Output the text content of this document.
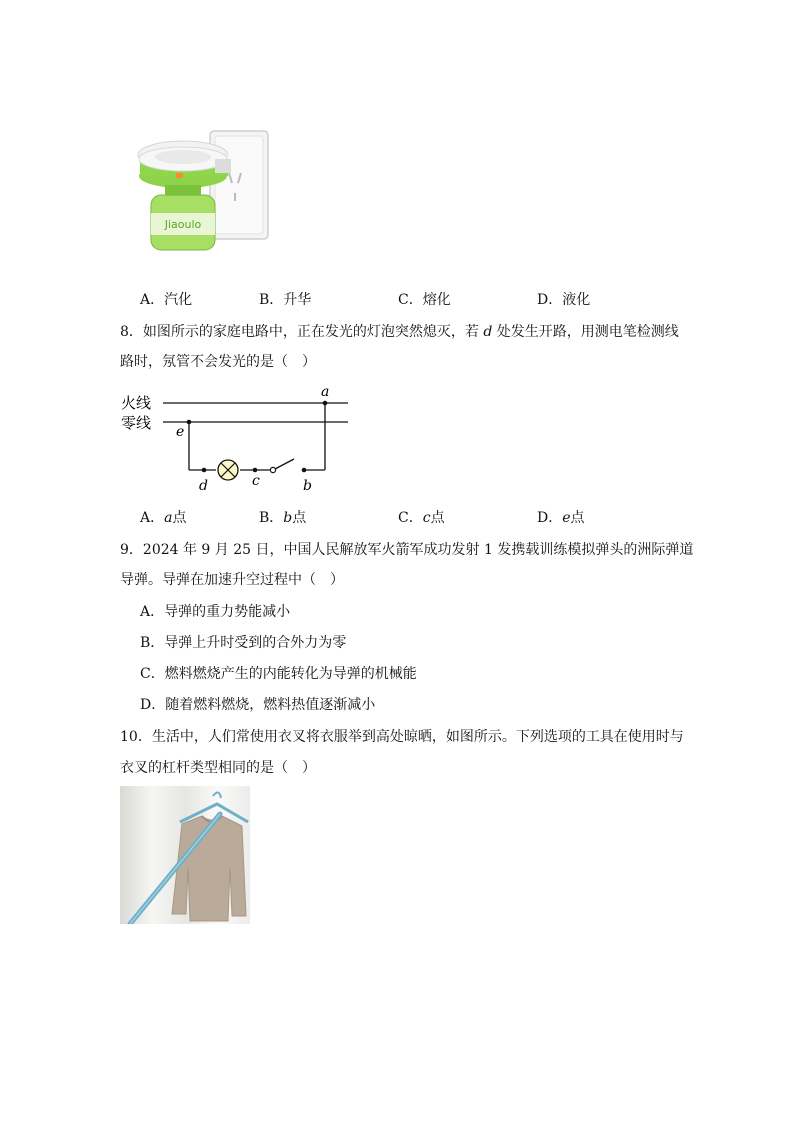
Jiaoulo
A．汽化	B．升华	C．熔化	D．液化
8．如图所示的家庭电路中，正在发光的灯泡突然熄灭，若 d 处发生开路，用测电笔检测线
路时，氖管不会发光的是（　）
火线
零线
a
e
d	c	b
A．a点	B．b点	C．c点	D．e点
9．2024 年 9 月 25 日，中国人民解放军火箭军成功发射 1 发携载训练模拟弹头的洲际弹道
导弹。导弹在加速升空过程中（　）
A．导弹的重力势能减小
B．导弹上升时受到的合外力为零
C．燃料燃烧产生的内能转化为导弹的机械能
D．随着燃料燃烧，燃料热值逐渐减小
10．生活中，人们常使用衣叉将衣服举到高处晾晒，如图所示。下列选项的工具在使用时与
衣叉的杠杆类型相同的是（　）
